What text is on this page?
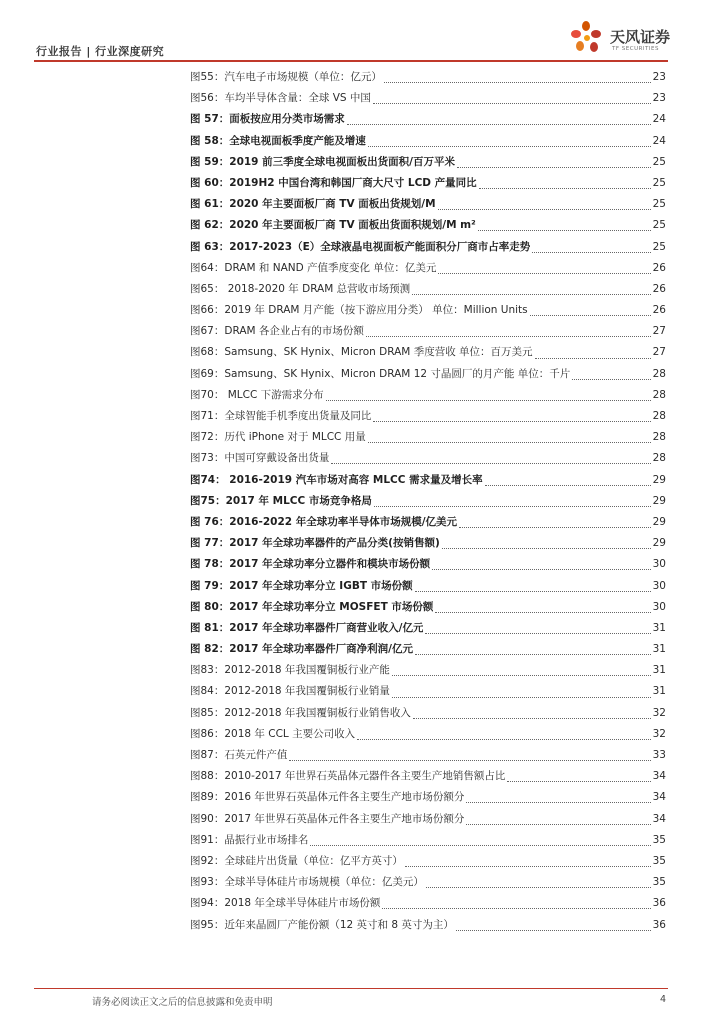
行业报告 | 行业深度研究
天风证券
TF SECURITIES
图55：汽车电子市场规模（单位：亿元）	23
图56：车均半导体含量：全球 VS 中国	23
图 57：面板按应用分类市场需求	24
图 58：全球电视面板季度产能及增速	24
图 59：2019 前三季度全球电视面板出货面积/百万平米	25
图 60：2019H2 中国台湾和韩国厂商大尺寸 LCD 产量同比	25
图 61：2020 年主要面板厂商 TV 面板出货规划/M	25
图 62：2020 年主要面板厂商 TV 面板出货面积规划/M m²	25
图 63：2017-2023（E）全球液晶电视面板产能面积分厂商市占率走势	25
图64：DRAM 和 NAND 产值季度变化 单位：亿美元	26
图65： 2018-2020 年 DRAM 总营收市场预测	26
图66：2019 年 DRAM 月产能（按下游应用分类） 单位：Million Units	26
图67：DRAM 各企业占有的市场份额	27
图68：Samsung、SK Hynix、Micron DRAM 季度营收 单位：百万美元	27
图69：Samsung、SK Hynix、Micron DRAM 12 寸晶圆厂的月产能 单位：千片	28
图70： MLCC 下游需求分布	28
图71：全球智能手机季度出货量及同比	28
图72：历代 iPhone 对于 MLCC 用量	28
图73：中国可穿戴设备出货量	28
图74： 2016-2019 汽车市场对高容 MLCC 需求量及增长率	29
图75：2017 年 MLCC 市场竞争格局	29
图 76：2016-2022 年全球功率半导体市场规模/亿美元	29
图 77：2017 年全球功率器件的产品分类(按销售额)	29
图 78：2017 年全球功率分立器件和模块市场份额	30
图 79：2017 年全球功率分立 IGBT 市场份额	30
图 80：2017 年全球功率分立 MOSFET 市场份额	30
图 81：2017 年全球功率器件厂商营业收入/亿元	31
图 82：2017 年全球功率器件厂商净利润/亿元	31
图83：2012-2018 年我国覆铜板行业产能	31
图84：2012-2018 年我国覆铜板行业销量	31
图85：2012-2018 年我国覆铜板行业销售收入	32
图86：2018 年 CCL 主要公司收入	32
图87：石英元件产值	33
图88：2010-2017 年世界石英晶体元器件各主要生产地销售额占比	34
图89：2016 年世界石英晶体元件各主要生产地市场份额分	34
图90：2017 年世界石英晶体元件各主要生产地市场份额分	34
图91：晶振行业市场排名	35
图92：全球硅片出货量（单位：亿平方英寸）	35
图93：全球半导体硅片市场规模（单位：亿美元）	35
图94：2018 年全球半导体硅片市场份额	36
图95：近年来晶圆厂产能份额（12 英寸和 8 英寸为主）	36
请务必阅读正文之后的信息披露和免责申明	4
